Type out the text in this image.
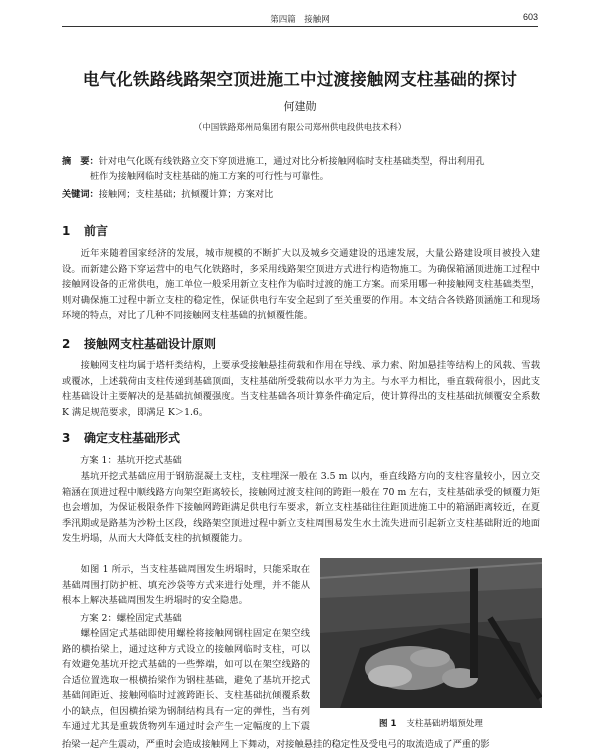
第四篇　接触网	603
电气化铁路线路架空顶进施工中过渡接触网支柱基础的探讨
何建勋
（中国铁路郑州局集团有限公司郑州供电段供电技术科）
摘　要：针对电气化既有线铁路立交下穿顶进施工，通过对比分析接触网临时支柱基础类型，得出利用孔
桩作为接触网临时支柱基础的施工方案的可行性与可靠性。
关键词：接触网；支柱基础；抗倾覆计算；方案对比
1 前言
近年来随着国家经济的发展，城市规模的不断扩大以及城乡交通建设的迅速发展，大量公路建设项目被投入建设。而新建公路下穿运营中的电气化铁路时，多采用线路架空顶进方式进行构造物施工。为确保箱涵顶进施工过程中接触网设备的正常供电，施工单位一般采用新立支柱作为临时过渡的施工方案。而采用哪一种接触网支柱基础类型，则对确保施工过程中新立支柱的稳定性，保证供电行车安全起到了至关重要的作用。本文结合各铁路顶涵施工和现场环境的特点，对比了几种不同接触网支柱基础的抗倾覆性能。
2 接触网支柱基础设计原则
接触网支柱均属于塔杆类结构，上要承受接触悬挂荷载和作用在导线、承力索、附加悬挂等结构上的风载、雪载或覆冰，上述载荷由支柱传递到基础顶面，支柱基础所受载荷以水平力为主。与水平力相比，垂直载荷很小，因此支柱基础设计主要解决的是基础抗倾覆强度。当支柱基础各项计算条件确定后，使计算得出的支柱基础抗倾覆安全系数 K 满足规范要求，即满足 K＞1.6。
3 确定支柱基础形式
方案 1：基坑开挖式基础
基坑开挖式基础应用于钢筋混凝土支柱，支柱埋深一般在 3.5 m 以内，垂直线路方向的支柱容量较小，因立交箱涵在顶进过程中顺线路方向架空距离较长，接触网过渡支柱间的跨距一般在 70 m 左右，支柱基础承受的倾覆力矩也会增加，为保证极限条件下接触网跨距满足供电行车要求，新立支柱基础往往距顶进施工中的箱涵距离较近，在夏季汛期或是路基为沙粉土区段，线路架空顶进过程中新立支柱周围易发生水土流失进而引起新立支柱基础附近的地面发生坍塌，从而大大降低支柱的抗倾覆能力。
如图 1 所示，当支柱基础周围发生坍塌时，只能采取在基础周围打防护桩、填充沙袋等方式来进行处理，并不能从根本上解决基础周围发生坍塌时的安全隐患。
方案 2：螺栓固定式基础
螺栓固定式基础即使用螺栓将接触网钢柱固定在架空线路的横抬梁上，通过这种方式设立的接触网临时支柱，可以有效避免基坑开挖式基础的一些弊端，如可以在架空线路的合适位置选取一根横抬梁作为钢柱基础，避免了基坑开挖式基础间距近、接触网临时过渡跨距长、支柱基础抗倾覆系数小的缺点，但因横抬梁为钢制结构具有一定的弹性，当有列车通过尤其是重载货物列车通过时会产生一定幅度的上下震	图 1 支柱基础坍塌预处理
抬梁一起产生震动，严重时会造成接触网上下舞动，对接触悬挂的稳定性及受电弓的取流造成了严重的影
